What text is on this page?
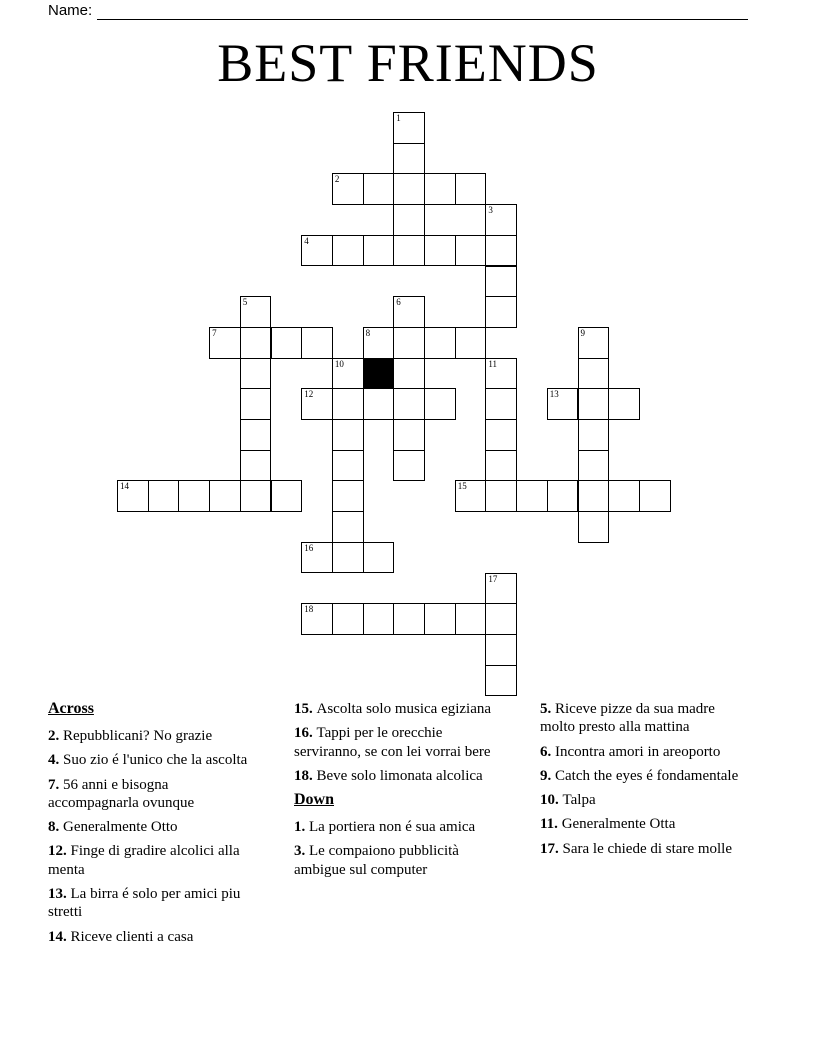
Name:
BEST FRIENDS
1
2
3
4
5	6
7	8	9
10	11
12	13
14	15
16
17
18
Across

2. Repubblicani? No grazie

4. Suo zio é l'unico che la ascolta

7. 56 anni e bisogna accompagnarla ovunque

8. Generalmente Otto

12. Finge di gradire alcolici alla menta

13. La birra é solo per amici piu stretti

14. Riceve clienti a casa

15. Ascolta solo musica egiziana

16. Tappi per le orecchie serviranno, se con lei vorrai bere

18. Beve solo limonata alcolica

Down

1. La portiera non é sua amica

3. Le compaiono pubblicità ambigue sul computer

5. Riceve pizze da sua madre molto presto alla mattina

6. Incontra amori in areoporto

9. Catch the eyes é fondamentale

10. Talpa

11. Generalmente Otta

17. Sara le chiede di stare molle
